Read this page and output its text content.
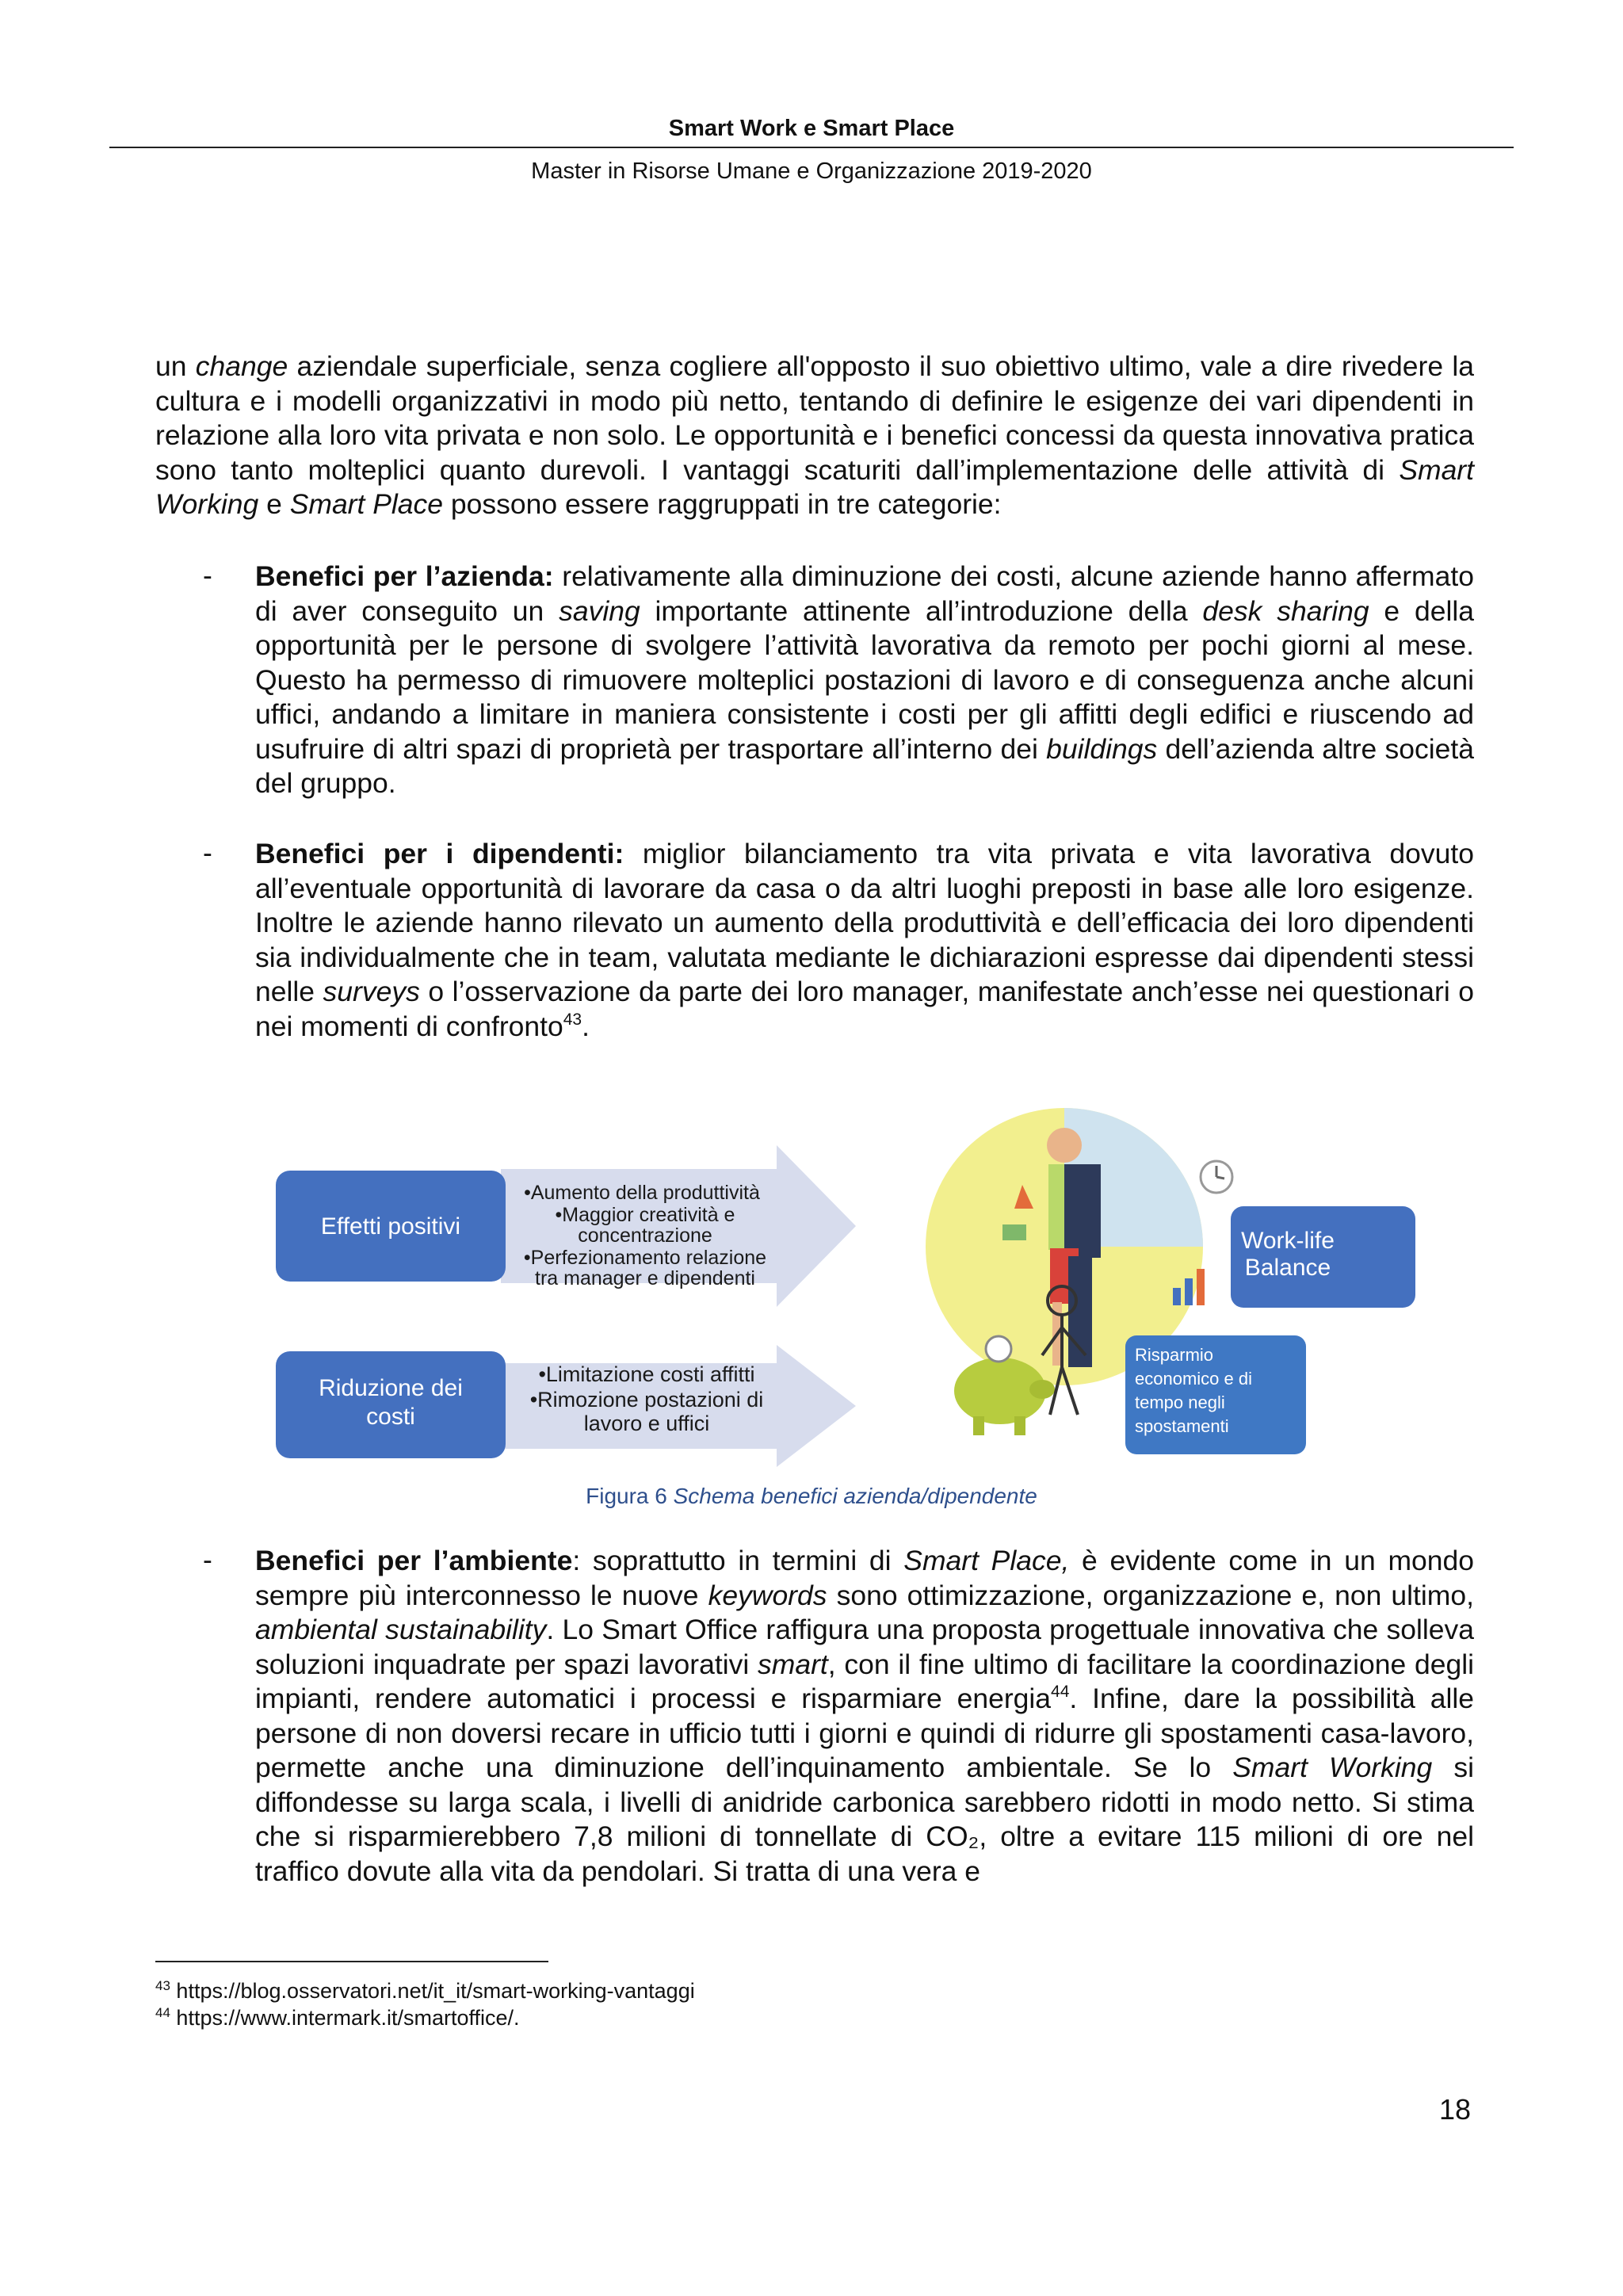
Smart Work e Smart Place
Master in Risorse Umane e Organizzazione 2019-2020
un change aziendale superficiale, senza cogliere all'opposto il suo obiettivo ultimo, vale a dire rivedere la cultura e i modelli organizzativi in modo più netto, tentando di definire le esigenze dei vari dipendenti in relazione alla loro vita privata e non solo. Le opportunità e i benefici concessi da questa innovativa pratica sono tanto molteplici quanto durevoli. I vantaggi scaturiti dall’implementazione delle attività di Smart Working e Smart Place possono essere raggruppati in tre categorie:
- Benefici per l’azienda: relativamente alla diminuzione dei costi, alcune aziende hanno affermato di aver conseguito un saving importante attinente all’introduzione della desk sharing e della opportunità per le persone di svolgere l’attività lavorativa da remoto per pochi giorni al mese. Questo ha permesso di rimuovere molteplici postazioni di lavoro e di conseguenza anche alcuni uffici, andando a limitare in maniera consistente i costi per gli affitti degli edifici e riuscendo ad usufruire di altri spazi di proprietà per trasportare all’interno dei buildings dell’azienda altre società del gruppo.
- Benefici per i dipendenti: miglior bilanciamento tra vita privata e vita lavorativa dovuto all’eventuale opportunità di lavorare da casa o da altri luoghi preposti in base alle loro esigenze. Inoltre le aziende hanno rilevato un aumento della produttività e dell’efficacia dei loro dipendenti sia individualmente che in team, valutata mediante le dichiarazioni espresse dai dipendenti stessi nelle surveys o l’osservazione da parte dei loro manager, manifestate anch’esse nei questionari o nei momenti di confronto$^{43}$.
Effetti positivi
•Aumento della produttività
•Maggior creatività e
concentrazione
•Perfezionamento relazione
tra manager e dipendenti
Riduzione dei
costi
•Limitazione costi affitti
•Rimozione postazioni di
lavoro e uffici
Work-life
Balance
Risparmio
economico e di
tempo negli
spostamenti
Figura 6 Schema benefici azienda/dipendente
- Benefici per l’ambiente: soprattutto in termini di Smart Place, è evidente come in un mondo sempre più interconnesso le nuove keywords sono ottimizzazione, organizzazione e, non ultimo, ambiental sustainability. Lo Smart Office raffigura una proposta progettuale innovativa che solleva soluzioni inquadrate per spazi lavorativi smart, con il fine ultimo di facilitare la coordinazione degli impianti, rendere automatici i processi e risparmiare energia$^{44}$. Infine, dare la possibilità alle persone di non doversi recare in ufficio tutti i giorni e quindi di ridurre gli spostamenti casa-lavoro, permette anche una diminuzione dell’inquinamento ambientale. Se lo Smart Working si diffondesse su larga scala, i livelli di anidride carbonica sarebbero ridotti in modo netto. Si stima che si risparmierebbero 7,8 milioni di tonnellate di CO₂, oltre a evitare 115 milioni di ore nel traffico dovute alla vita da pendolari. Si tratta di una vera e
$^{43}$ https://blog.osservatori.net/it_it/smart-working-vantaggi
$^{44}$ https://www.intermark.it/smartoffice/.
18
